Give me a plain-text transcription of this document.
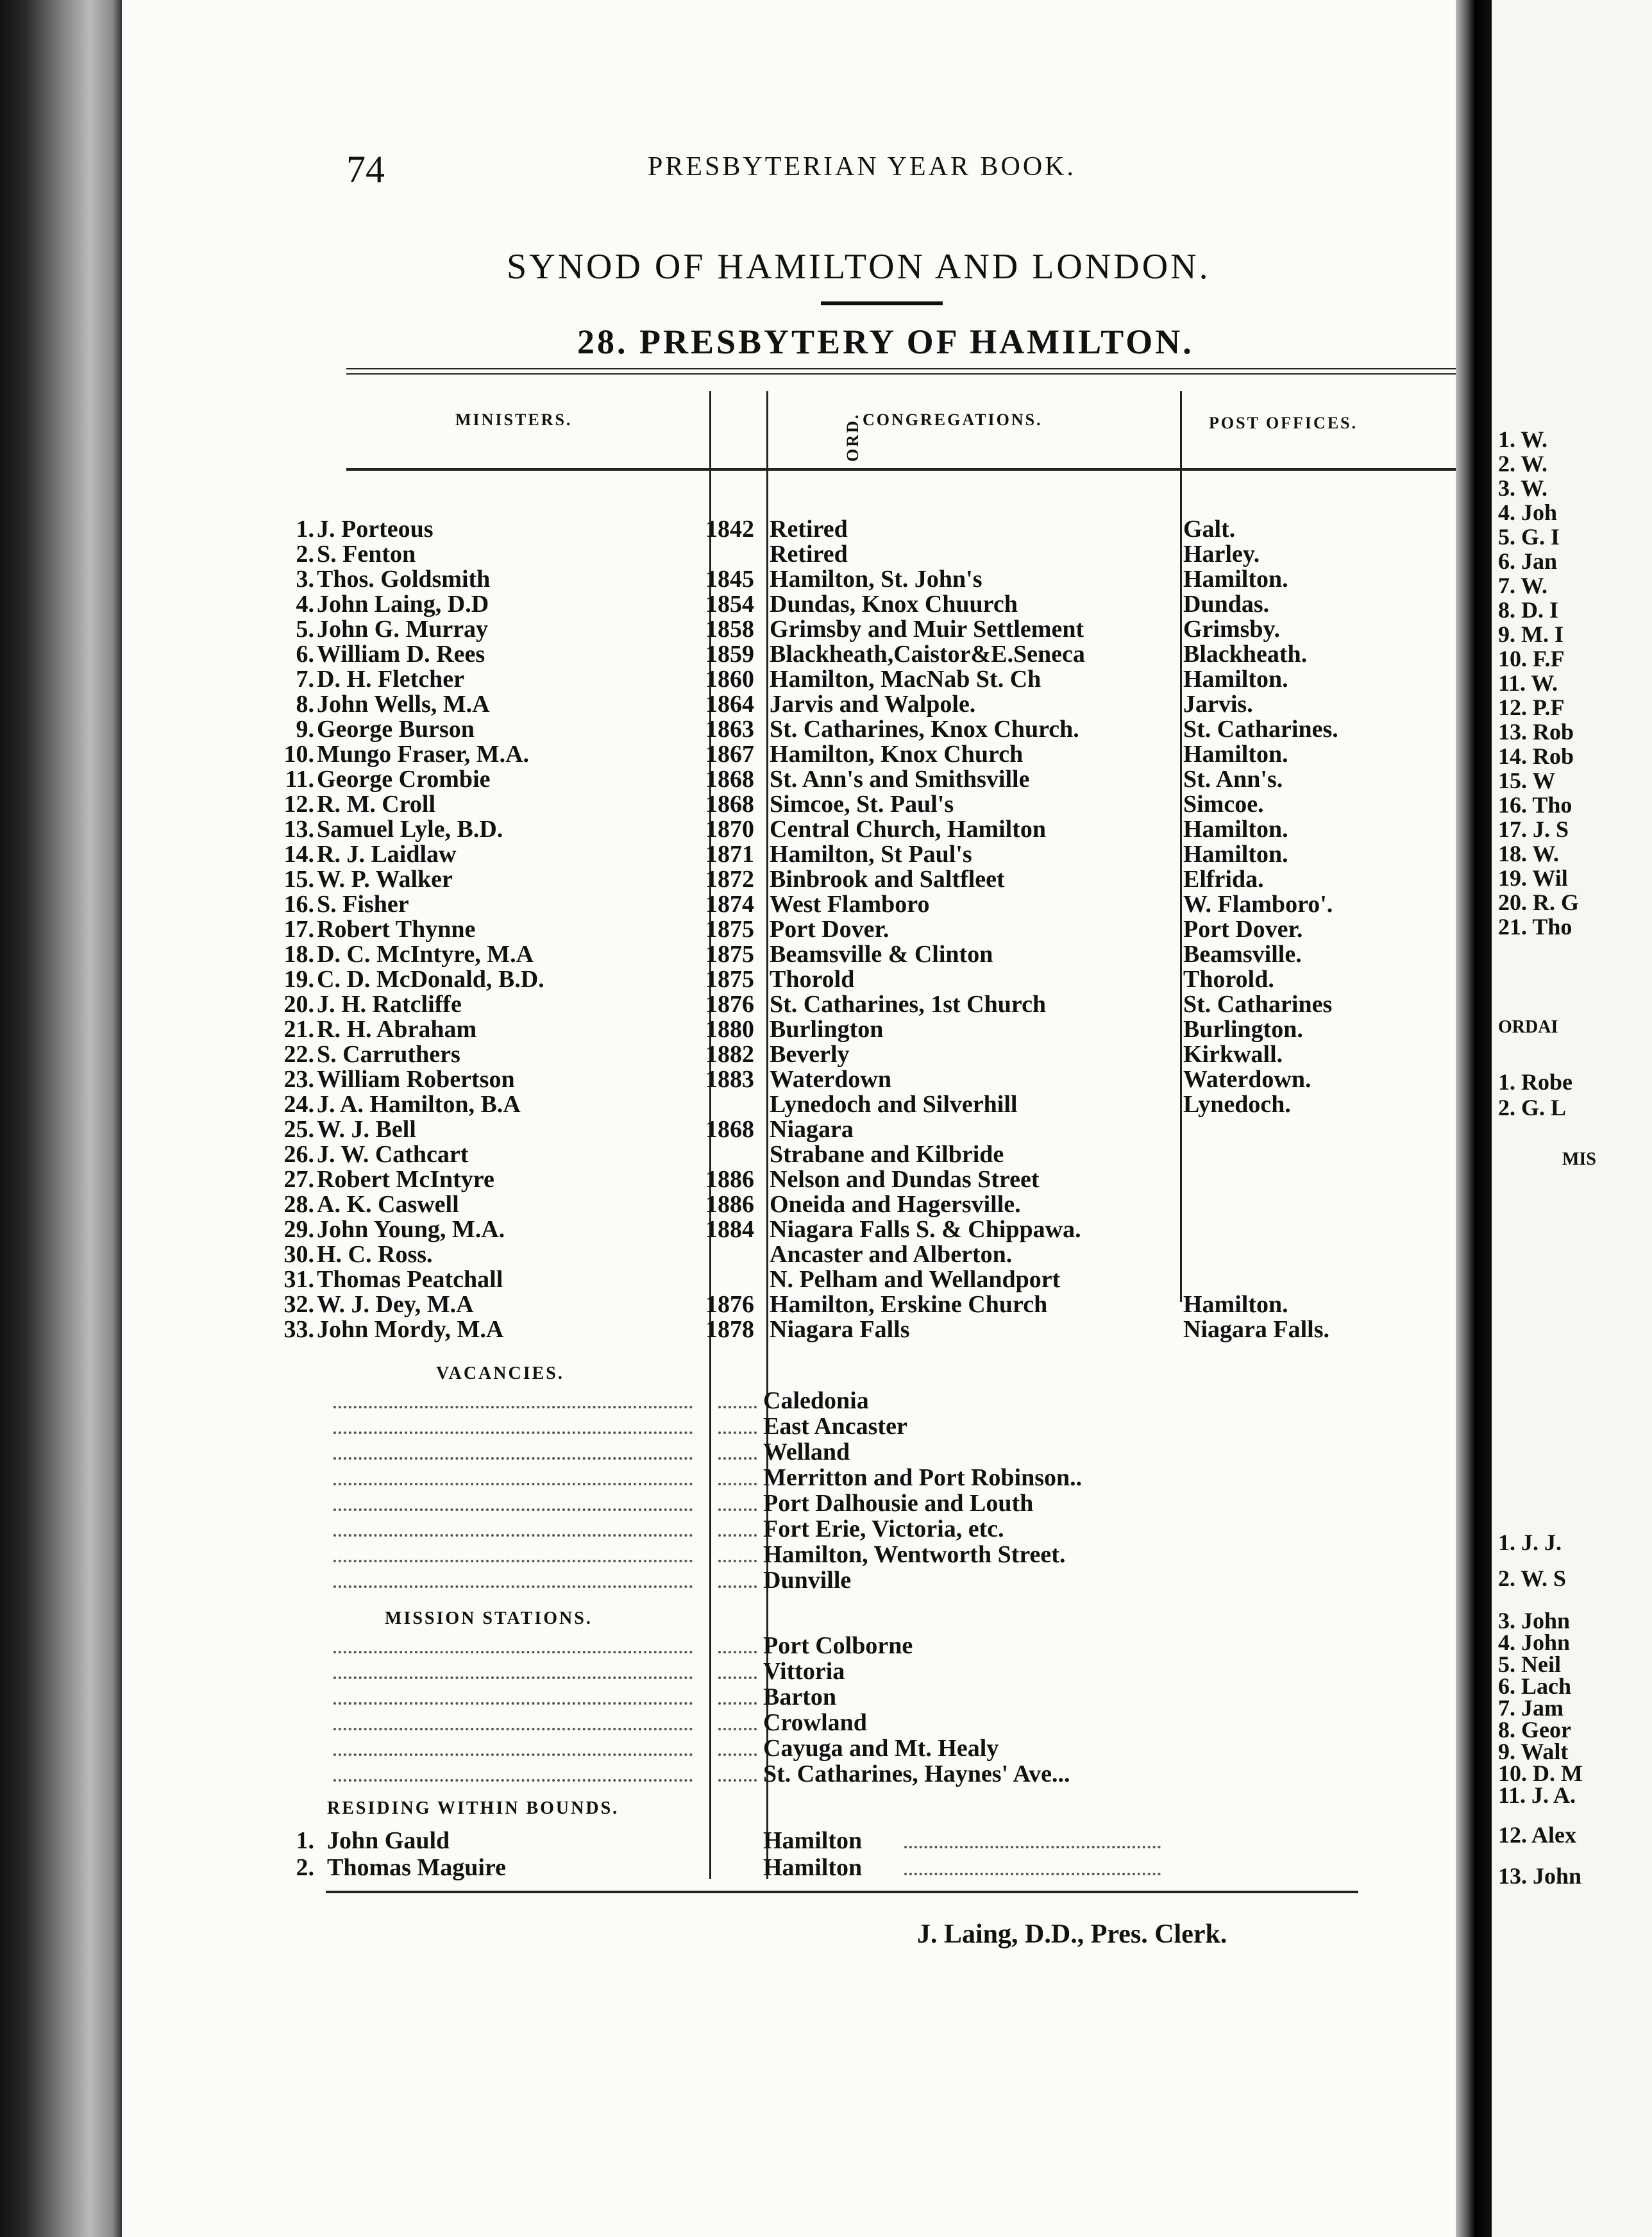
74	PRESBYTERIAN YEAR BOOK.
SYNOD OF HAMILTON AND LONDON.
28. PRESBYTERY OF HAMILTON.
MINISTERS.	ORD. CONGREGATIONS.	POST OFFICES.
1. J. Porteous	1842 Retired	Galt.
2. S. Fenton	Retired	Harley.
3. Thos. Goldsmith	1845 Hamilton, St. John's	Hamilton.
4. John Laing, D.D	1854 Dundas, Knox Chuurch	Dundas.
5. John G. Murray	1858 Grimsby and Muir Settlement	Grimsby.
6. William D. Rees	1859 Blackheath,Caistor&E.Seneca	Blackheath.
7. D. H. Fletcher	1860 Hamilton, MacNab St. Ch	Hamilton.
8. John Wells, M.A	1864 Jarvis and Walpole.	Jarvis.
9. George Burson	1863 St. Catharines, Knox Church.	St. Catharines.
10. Mungo Fraser, M.A.	1867 Hamilton, Knox Church	Hamilton.
11. George Crombie	1868 St. Ann's and Smithsville	St. Ann's.
12. R. M. Croll	1868 Simcoe, St. Paul's	Simcoe.
13. Samuel Lyle, B.D.	1870 Central Church, Hamilton	Hamilton.
14. R. J. Laidlaw	1871 Hamilton, St Paul's	Hamilton.
15. W. P. Walker	1872 Binbrook and Saltfleet	Elfrida.
16. S. Fisher	1874 West Flamboro	W. Flamboro'.
17. Robert Thynne	1875 Port Dover.	Port Dover.
18. D. C. McIntyre, M.A	1875 Beamsville & Clinton	Beamsville.
19. C. D. McDonald, B.D.	1875 Thorold	Thorold.
20. J. H. Ratcliffe	1876 St. Catharines, 1st Church	St. Catharines
21. R. H. Abraham	1880 Burlington	Burlington.
22. S. Carruthers	1882 Beverly	Kirkwall.
23. William Robertson	1883 Waterdown	Waterdown.
24. J. A. Hamilton, B.A	Lynedoch and Silverhill	Lynedoch.
25. W. J. Bell	1868 Niagara
26. J. W. Cathcart	Strabane and Kilbride
27. Robert McIntyre	1886 Nelson and Dundas Street
28. A. K. Caswell	1886 Oneida and Hagersville.
29. John Young, M.A.	1884 Niagara Falls S. & Chippawa.
30. H. C. Ross.	Ancaster and Alberton.
31. Thomas Peatchall	N. Pelham and Wellandport
32. W. J. Dey, M.A	1876 Hamilton, Erskine Church	Hamilton.
33. John Mordy, M.A	1878 Niagara Falls	Niagara Falls.
VACANCIES.
Caledonia
East Ancaster
Welland
Merritton and Port Robinson..
Port Dalhousie and Louth
Fort Erie, Victoria, etc.
Hamilton, Wentworth Street.
Dunville
MISSION STATIONS.
Port Colborne
Vittoria
Barton
Crowland
Cayuga and Mt. Healy
St. Catharines, Haynes' Ave...
RESIDING WITHIN BOUNDS.
1. John Gauld	Hamilton
2. Thomas Maguire	Hamilton
J. Laing, D.D., Pres. Clerk.
1. W.
2. W.
3. W.
4. Joh
5. G. I
6. Jan
7. W.
8. D. I
9. M. I
10. F.F
11. W.
12. P.F
13. Rob
14. Rob
15. W
16. Tho
17. J. S
18. W.
19. Wil
20. R. G
21. Tho
ORDAI
1. Robe
2. G. L
MIS
1. J. J.
2. W. S
3. John
4. John
5. Neil
6. Lach
7. Jam
8. Geor
9. Walt
10. D. M
11. J. A.
12. Alex
13. John
